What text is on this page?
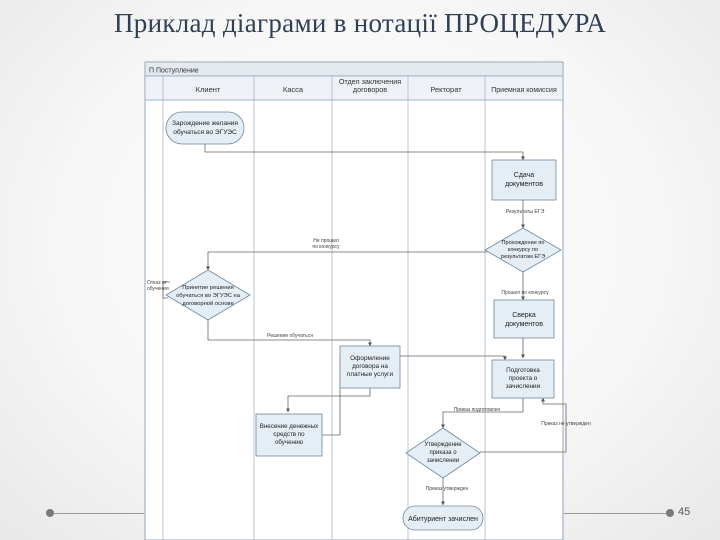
Приклад діаграми в нотації ПРОЦЕДУРА
П Поступление
Клиент	Касса
Отдел заключения договоров	Ректорат	Приемная комиссия
Зарождение желания
обучаться во ЭГУЭС
Сдача
документов
Результаты ЕГЭ
Прохождение по
конкурсу по
результатам ЕГЭ
Не прошел
по конкурсу
Принятие решения
обучаться во ЭГУЭС на
договорной основе
Отказ от
обучения
Прошел по конкурсу
Сверка
документов
Решение обучаться
Оформление
договора на
платные услуги
Подготовка
проекта о
зачислении
Внесение денежных
средств по
обучению
Приказ подготовлен
Приказ не утвержден
Утверждение
приказа о
зачислении
Приказ утвержден
Абитуриент зачислен
45
